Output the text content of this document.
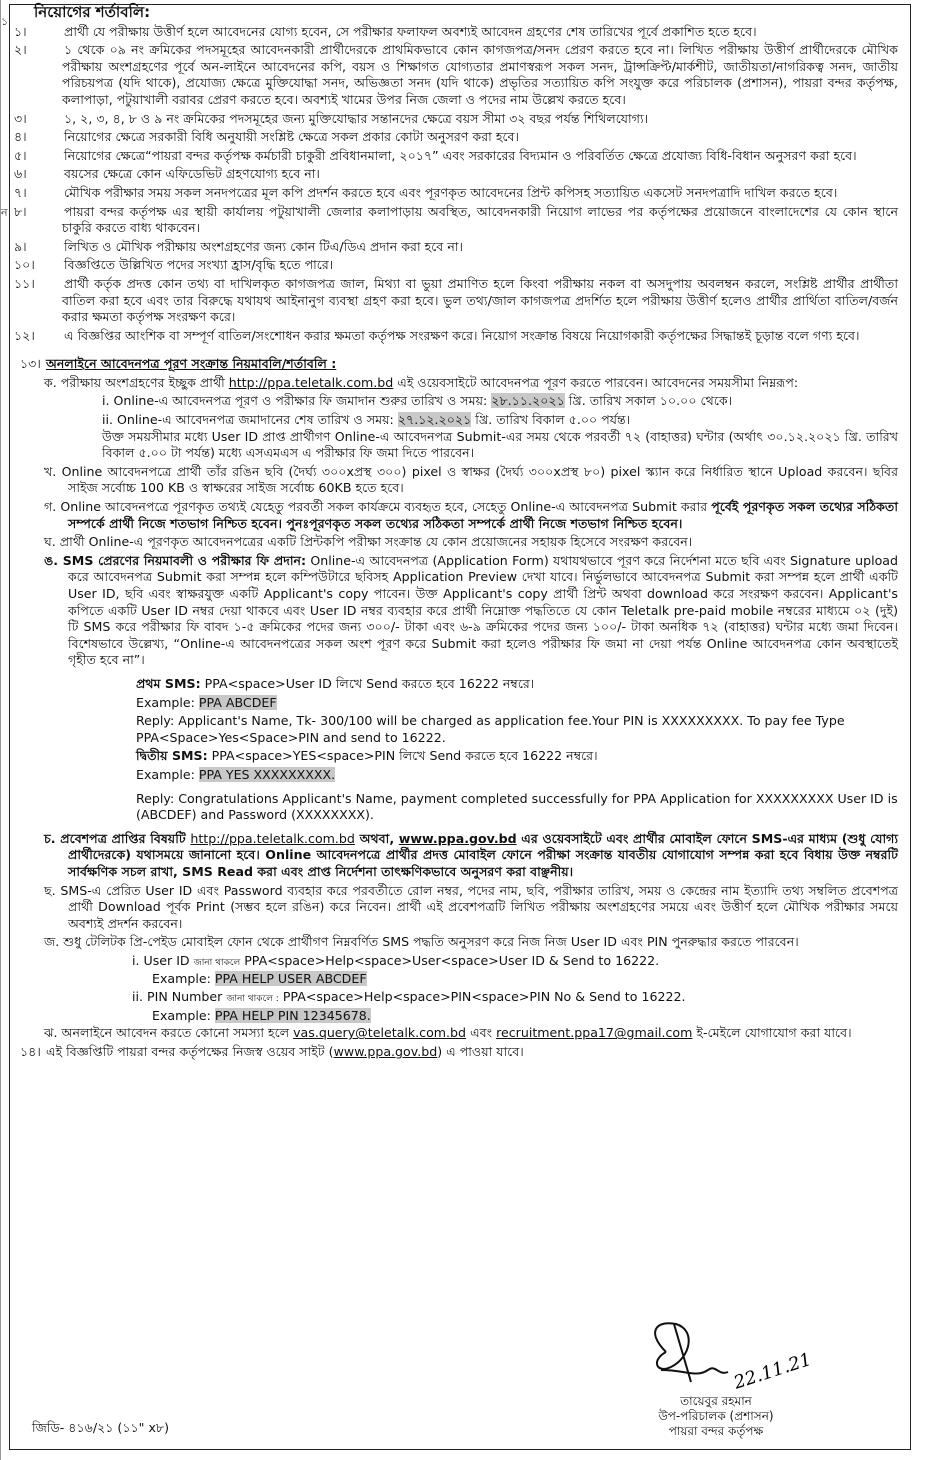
১
ন
নিয়োগের শর্তাবলি:
১।	প্রার্থী যে পরীক্ষায় উত্তীর্ণ হলে আবেদনের যোগ্য হবেন, সে পরীক্ষার ফলাফল অবশ্যই আবেদন গ্রহণের শেষ তারিখের পূর্বে প্রকাশিত হতে হবে।
২।	১ থেকে ০৯ নং ক্রমিকের পদসমূহের আবেদনকারী প্রার্থীদেরকে প্রাথমিকভাবে কোন কাগজপত্র/সনদ প্রেরণ করতে হবে না। লিখিত পরীক্ষায় উত্তীর্ণ প্রার্থীদেরকে মৌখিক পরীক্ষায় অংশগ্রহণের পূর্বে অন-লাইনে আবেদনের কপি, বয়স ও শিক্ষাগত যোগ্যতার প্রমাণস্বরূপ সকল সনদ, ট্রান্সক্রিপ্ট/মার্কশীট, জাতীয়তা/নাগরিকত্ব সনদ, জাতীয় পরিচয়পত্র (যদি থাকে), প্রযোজ্য ক্ষেত্রে মুক্তিযোদ্ধা সনদ, অভিজ্ঞতা সনদ (যদি থাকে) প্রভৃতির সত্যায়িত কপি সংযুক্ত করে পরিচালক (প্রশাসন), পায়রা বন্দর কর্তৃপক্ষ, কলাপাড়া, পটুয়াখালী বরাবর প্রেরণ করতে হবে। অবশ্যই খামের উপর নিজ জেলা ও পদের নাম উল্লেখ করতে হবে।
৩।	১, ২, ৩, ৪, ৮ ও ৯ নং ক্রমিকের পদসমূহের জন্য মুক্তিযোদ্ধার সন্তানদের ক্ষেত্রে বয়স সীমা ৩২ বছর পর্যন্ত শিথিলযোগ্য।
৪।	নিয়োগের ক্ষেত্রে সরকারী বিধি অনুযায়ী সংশ্লিষ্ট ক্ষেত্রে সকল প্রকার কোটা অনুসরণ করা হবে।
৫।	নিয়োগের ক্ষেত্রে“পায়রা বন্দর কর্তৃপক্ষ কর্মচারী চাকুরী প্রবিধানমালা, ২০১৭” এবং সরকারের বিদ্যমান ও পরিবর্তিত ক্ষেত্রে প্রযোজ্য বিধি-বিধান অনুসরণ করা হবে।
৬।	বয়সের ক্ষেত্রে কোন এফিডেভিট গ্রহণযোগ্য হবে না।
৭।	মৌখিক পরীক্ষার সময় সকল সনদপত্রের মূল কপি প্রদর্শন করতে হবে এবং পূরণকৃত আবেদনের প্রিন্ট কপিসহ সত্যায়িত একসেট সনদপত্রাদি দাখিল করতে হবে।
৮।	পায়রা বন্দর কর্তৃপক্ষ এর স্থায়ী কার্যালয় পটুয়াখালী জেলার কলাপাড়ায় অবস্থিত, আবেদনকারী নিয়োগ লাভের পর কর্তৃপক্ষের প্রয়োজনে বাংলাদেশের যে কোন স্থানে চাকুরি করতে বাধ্য থাকবেন।
৯।	লিখিত ও মৌখিক পরীক্ষায় অংশগ্রহণের জন্য কোন টিএ/ডিএ প্রদান করা হবে না।
১০। বিজ্ঞপ্তিতে উল্লিখিত পদের সংখ্যা হ্রাস/বৃদ্ধি হতে পারে।
১১। প্রার্থী কর্তৃক প্রদত্ত কোন তথ্য বা দাখিলকৃত কাগজপত্র জাল, মিথ্যা বা ভুয়া প্রমাণিত হলে কিংবা পরীক্ষায় নকল বা অসদুপায় অবলম্বন করলে, সংশ্লিষ্ট প্রার্থীর প্রার্থীতা বাতিল করা হবে এবং তার বিরুদ্ধে যথাযথ আইনানুগ ব্যবস্থা গ্রহণ করা হবে। ভুল তথ্য/জাল কাগজপত্র প্রদর্শিত হলে পরীক্ষায় উত্তীর্ণ হলেও প্রার্থীর প্রার্থিতা বাতিল/বর্জন করার ক্ষমতা কর্তৃপক্ষ সংরক্ষণ করে।
১২। এ বিজ্ঞপ্তির আংশিক বা সম্পূর্ণ বাতিল/সংশোধন করার ক্ষমতা কর্তৃপক্ষ সংরক্ষণ করে। নিয়োগ সংক্রান্ত বিষয়ে নিয়োগকারী কর্তৃপক্ষের সিদ্ধান্তই চূড়ান্ত বলে গণ্য হবে।
১৩। অনলাইনে আবেদনপত্র পূরণ সংক্রান্ত নিয়মাবলি/শর্তাবলি :
ক. পরীক্ষায় অংশগ্রহণের ইচ্ছুক প্রার্থী http://ppa.teletalk.com.bd এই ওয়েবসাইটে আবেদনপত্র পূরণ করতে পারবেন। আবেদনের সময়সীমা নিম্নরূপ:
i. Online-এ আবেদনপত্র পূরণ ও পরীক্ষার ফি জমাদান শুরুর তারিখ ও সময়: ২৮.১১.২০২১ খ্রি. তারিখ সকাল ১০.০০ থেকে।
ii. Online-এ আবেদনপত্র জমাদানের শেষ তারিখ ও সময়: ২৭.১২.২০২১ খ্রি. তারিখ বিকাল ৫.০০ পর্যন্ত।
উক্ত সময়সীমার মধ্যে User ID প্রাপ্ত প্রার্থীগণ Online-এ আবেদনপত্র Submit-এর সময় থেকে পরবর্তী ৭২ (বাহাত্তর) ঘন্টার (অর্থাৎ ৩০.১২.২০২১ খ্রি. তারিখ বিকাল ৫.০০ টা পর্যন্ত) মধ্যে এসএমএস এ পরীক্ষার ফি জমা দিতে পারবেন।
খ. Online আবেদনপত্রে প্রার্থী তাঁর রঙিন ছবি (দৈর্ঘ্য ৩০০xপ্রস্থ ৩০০) pixel ও স্বাক্ষর (দৈর্ঘ্য ৩০০xপ্রস্থ ৮০) pixel স্ক্যান করে নির্ধারিত স্থানে Upload করবেন। ছবির সাইজ সর্বোচ্চ 100 KB ও স্বাক্ষরের সাইজ সর্বোচ্চ 60KB হতে হবে।
গ. Online আবেদনপত্রে পূরণকৃত তথ্যই যেহেতু পরবর্তী সকল কার্যক্রমে ব্যবহৃত হবে, সেহেতু Online-এ আবেদনপত্র Submit করার পূর্বেই পূরণকৃত সকল তথ্যের সঠিকতা সম্পর্কে প্রার্থী নিজে শতভাগ নিশ্চিত হবেন। পুনঃপূরণকৃত সকল তথ্যের সঠিকতা সম্পর্কে প্রার্থী নিজে শতভাগ নিশ্চিত হবেন।
ঘ. প্রার্থী Online-এ পূরণকৃত আবেদনপত্রের একটি প্রিন্টকপি পরীক্ষা সংক্রান্ত যে কোন প্রয়োজনের সহায়ক হিসেবে সংরক্ষণ করবেন।
ঙ. SMS প্রেরণের নিয়মাবলী ও পরীক্ষার ফি প্রদান: Online-এ আবেদনপত্র (Application Form) যথাযথভাবে পূরণ করে নির্দেশনা মতে ছবি এবং Signature upload করে আবেদনপত্র Submit করা সম্পন্ন হলে কম্পিউটারে ছবিসহ Application Preview দেখা যাবে। নির্ভুলভাবে আবেদনপত্র Submit করা সম্পন্ন হলে প্রার্থী একটি User ID, ছবি এবং স্বাক্ষরযুক্ত একটি Applicant's copy পাবেন। উক্ত Applicant's copy প্রার্থী প্রিন্ট অথবা download করে সংরক্ষণ করবেন। Applicant's কপিতে একটি User ID নম্বর দেয়া থাকবে এবং User ID নম্বর ব্যবহার করে প্রার্থী নিম্নোক্ত পদ্ধতিতে যে কোন Teletalk pre-paid mobile নম্বরের মাধ্যমে ০২ (দুই) টি SMS করে পরীক্ষার ফি বাবদ ১-৫ ক্রমিকের পদের জন্য ৩০০/- টাকা এবং ৬-৯ ক্রমিকের পদের জন্য ১০০/- টাকা অনধিক ৭২ (বাহাত্তর) ঘন্টার মধ্যে জমা দিবেন। বিশেষভাবে উল্লেখ্য, “Online-এ আবেদনপত্রের সকল অংশ পূরণ করে Submit করা হলেও পরীক্ষার ফি জমা না দেয়া পর্যন্ত Online আবেদনপত্র কোন অবস্থাতেই গৃহীত হবে না”।
প্রথম SMS: PPA<space>User ID লিখে Send করতে হবে 16222 নম্বরে।
Example: PPA ABCDEF
Reply: Applicant's Name, Tk- 300/100 will be charged as application fee.Your PIN is XXXXXXXXX. To pay fee Type PPA<Space>Yes<Space>PIN and send to 16222.
দ্বিতীয় SMS: PPA<space>YES<space>PIN লিখে Send করতে হবে 16222 নম্বরে।
Example: PPA YES XXXXXXXXX.
Reply: Congratulations Applicant's Name, payment completed successfully for PPA Application for XXXXXXXXX User ID is (ABCDEF) and Password (XXXXXXXX).
চ. প্রবেশপত্র প্রাপ্তির বিষয়টি http://ppa.teletalk.com.bd অথবা, www.ppa.gov.bd এর ওয়েবসাইটে এবং প্রার্থীর মোবাইল ফোনে SMS-এর মাধ্যম (শুধু যোগ্য প্রার্থীদেরকে) যথাসময়ে জানানো হবে। Online আবেদনপত্রে প্রার্থীর প্রদত্ত মোবাইল ফোনে পরীক্ষা সংক্রান্ত যাবতীয় যোগাযোগ সম্পন্ন করা হবে বিধায় উক্ত নম্বরটি সার্বক্ষণিক সচল রাখা, SMS Read করা এবং প্রাপ্ত নির্দেশনা তাৎক্ষণিকভাবে অনুসরণ করা বাঞ্ছনীয়।
ছ. SMS-এ প্রেরিত User ID এবং Password ব্যবহার করে পরবর্তীতে রোল নম্বর, পদের নাম, ছবি, পরীক্ষার তারিখ, সময় ও কেন্দ্রের নাম ইত্যাদি তথ্য সম্বলিত প্রবেশপত্র প্রার্থী Download পূর্বক Print (সম্ভব হলে রঙিন) করে নিবেন। প্রার্থী এই প্রবেশপত্রটি লিখিত পরীক্ষায় অংশগ্রহণের সময়ে এবং উত্তীর্ণ হলে মৌখিক পরীক্ষার সময়ে অবশ্যই প্রদর্শন করবেন।
জ. শুধু টেলিটক প্রি-পেইড মোবাইল ফোন থেকে প্রার্থীগণ নিম্নবর্ণিত SMS পদ্ধতি অনুসরণ করে নিজ নিজ User ID এবং PIN পুনরুদ্ধার করতে পারবেন।
i. User ID জানা থাকলে PPA<space>Help<space>User<space>User ID & Send to 16222.
Example: PPA HELP USER ABCDEF
ii. PIN Number জানা থাকলে : PPA<space>Help<space>PIN<space>PIN No & Send to 16222.
Example: PPA HELP PIN 12345678.
ঝ. অনলাইনে আবেদন করতে কোনো সমস্যা হলে vas.query@teletalk.com.bd এবং recruitment.ppa17@gmail.com ই-মেইলে যোগাযোগ করা যাবে।
১৪। এই বিজ্ঞপ্তিটি পায়রা বন্দর কর্তৃপক্ষের নিজস্ব ওয়েব সাইট (www.ppa.gov.bd) এ পাওয়া যাবে।
22.11.21
তায়েবুর রহমান
উপ-পরিচালক (প্রশাসন)
পায়রা বন্দর কর্তৃপক্ষ
জিডি- ৪১৬/২১ (১১" x৮)
